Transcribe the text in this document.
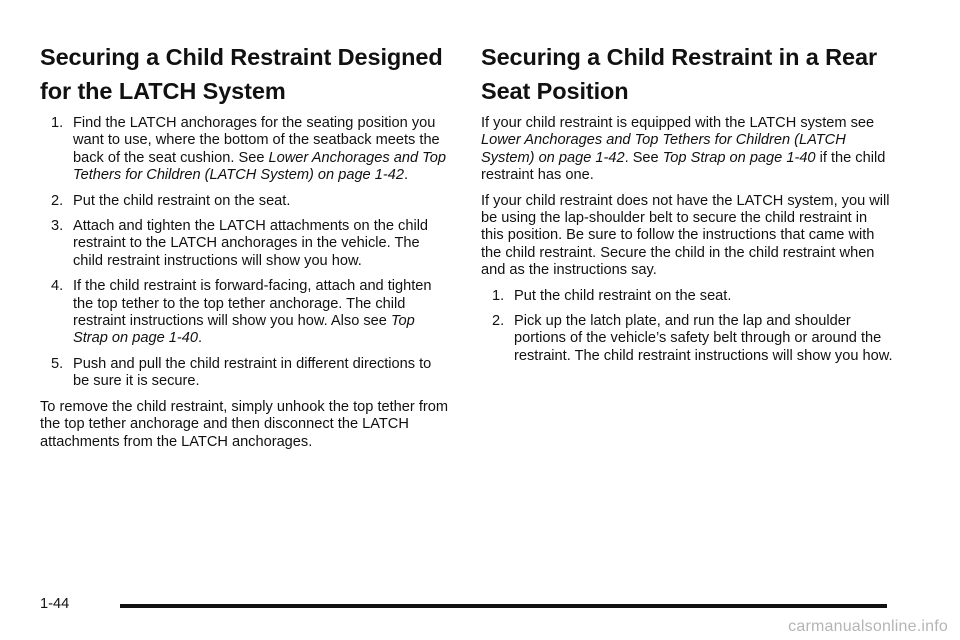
Securing a Child Restraint Designed
for the LATCH System
1. Find the LATCH anchorages for the seating position you want to use, where the bottom of the seatback meets the back of the seat cushion. See Lower Anchorages and Top Tethers for Children (LATCH System) on page 1-42.
2. Put the child restraint on the seat.
3. Attach and tighten the LATCH attachments on the child restraint to the LATCH anchorages in the vehicle. The child restraint instructions will show you how.
4. If the child restraint is forward-facing, attach and tighten the top tether to the top tether anchorage. The child restraint instructions will show you how. Also see Top Strap on page 1-40.
5. Push and pull the child restraint in different directions to be sure it is secure.

To remove the child restraint, simply unhook the top tether from the top tether anchorage and then disconnect the LATCH attachments from the LATCH anchorages.

Securing a Child Restraint in a Rear
Seat Position

If your child restraint is equipped with the LATCH system see Lower Anchorages and Top Tethers for Children (LATCH System) on page 1-42. See Top Strap on page 1-40 if the child restraint has one.

If your child restraint does not have the LATCH system, you will be using the lap-shoulder belt to secure the child restraint in this position. Be sure to follow the instructions that came with the child restraint. Secure the child in the child restraint when and as the instructions say.

1. Put the child restraint on the seat.
2. Pick up the latch plate, and run the lap and shoulder portions of the vehicle’s safety belt through or around the restraint. The child restraint instructions will show you how.
1-44
carmanualsonline.info
